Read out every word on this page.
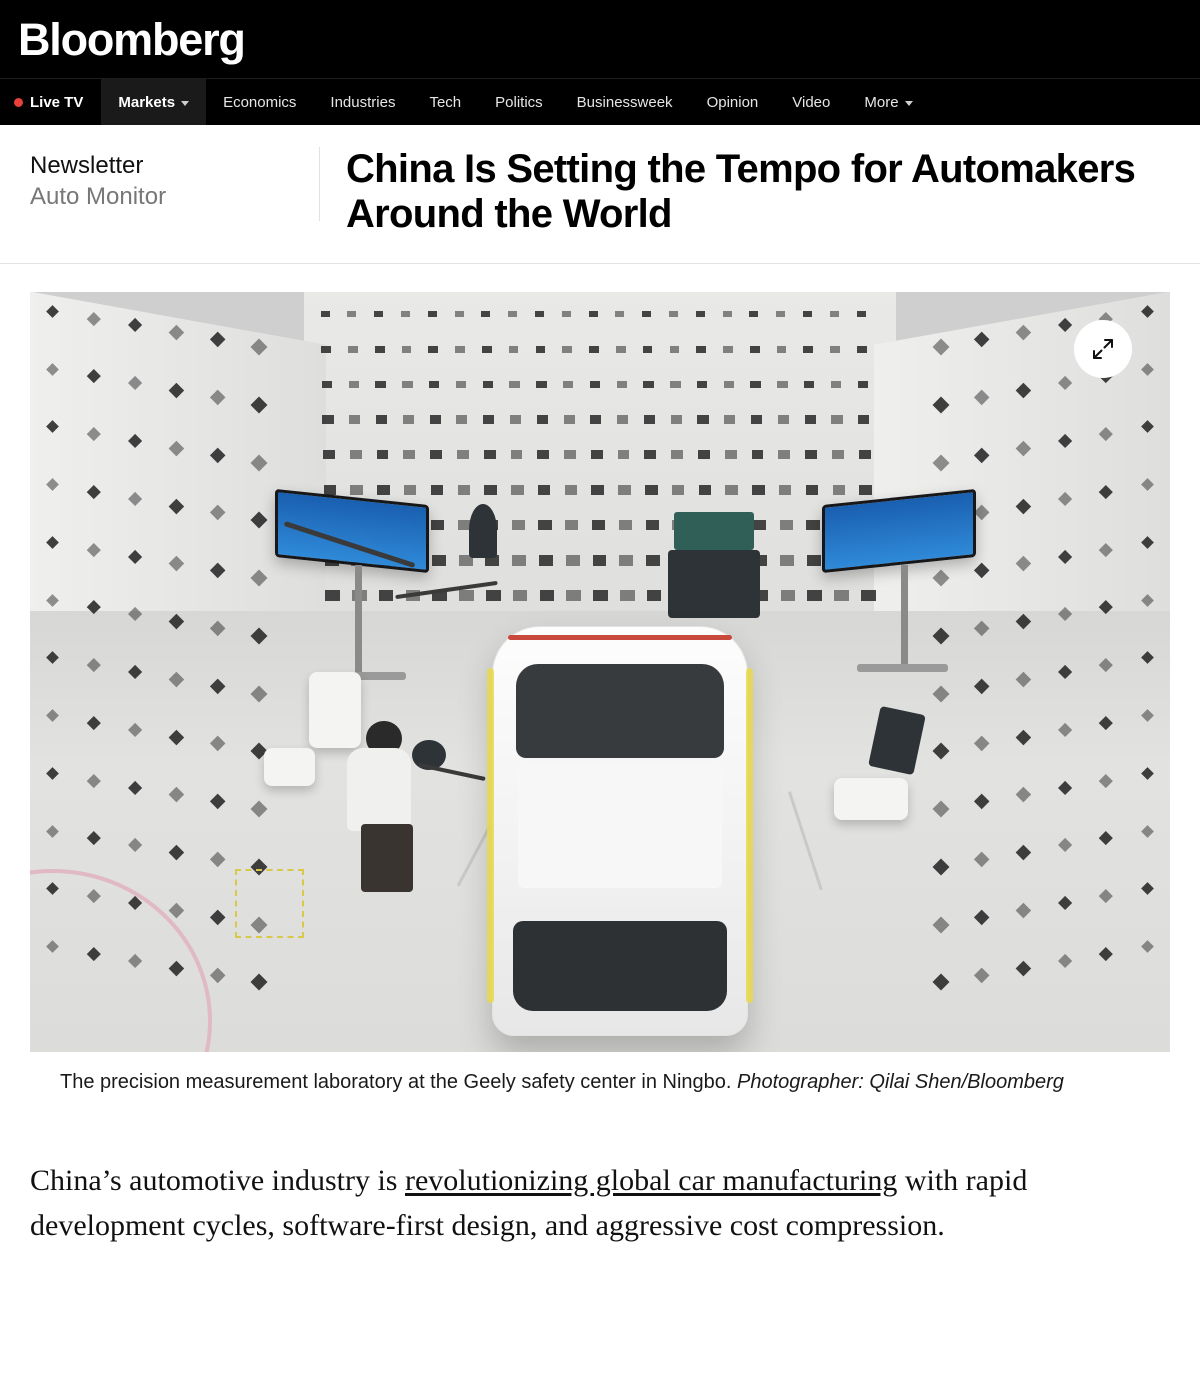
Bloomberg
Live TV Markets	Economics Industries Tech Politics Businessweek Opinion Video More
Newsletter
Auto Monitor
China Is Setting the Tempo for Automakers Around the World
The precision measurement laboratory at the Geely safety center in Ningbo. Photographer: Qilai Shen/Bloomberg

China’s automotive industry is revolutionizing global car manufacturing with rapid development cycles, software-first design, and aggressive cost compression.
